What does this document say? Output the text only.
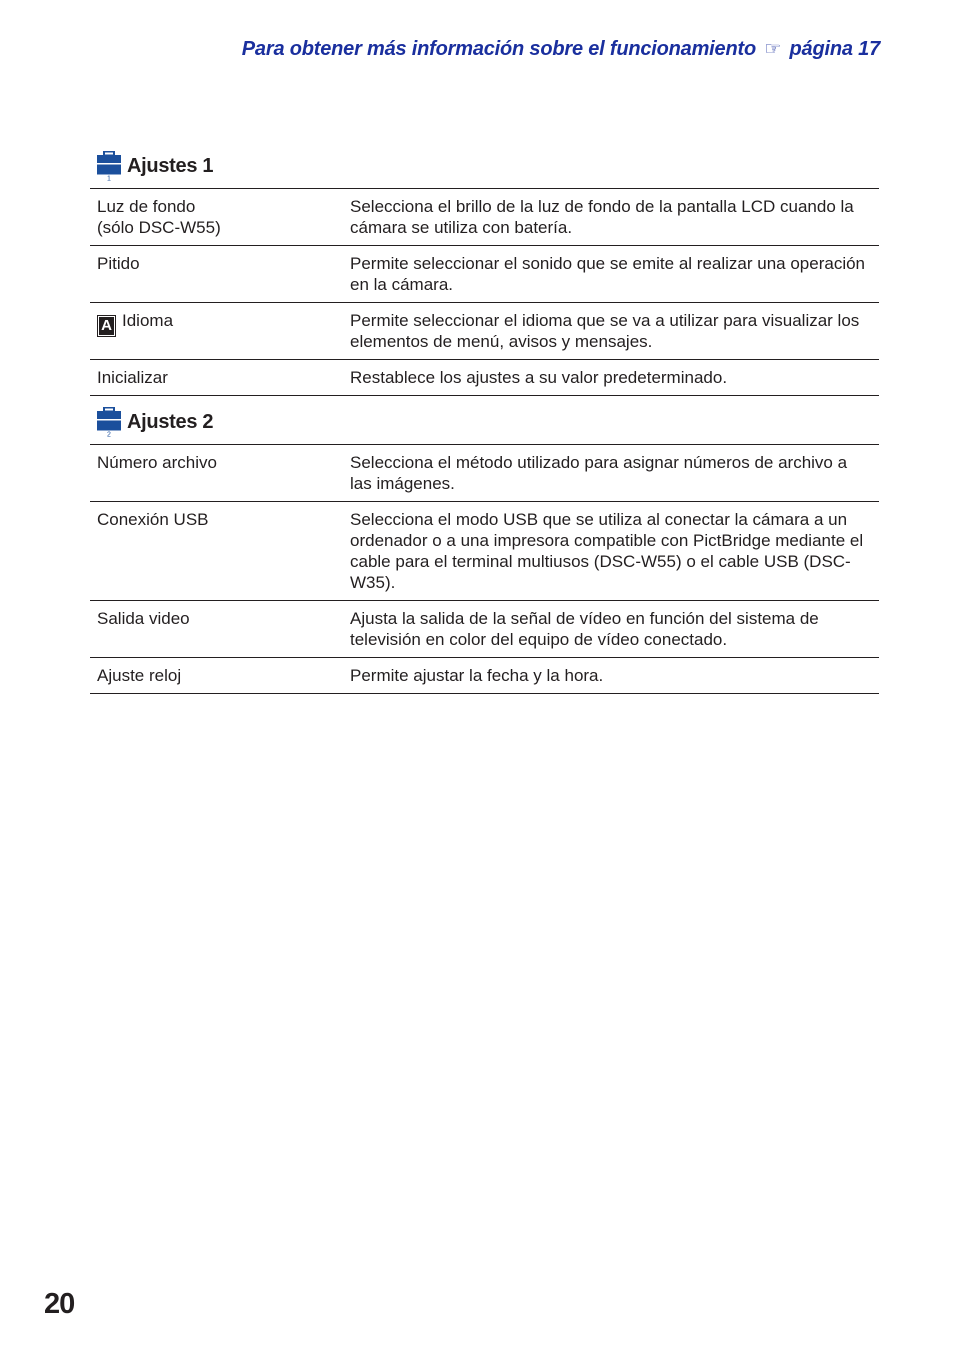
Para obtener más información sobre el funcionamiento ☞ página 17
1
Ajustes 1
Luz de fondo
(sólo DSC-W55)	Selecciona el brillo de la luz de fondo de la pantalla LCD cuando la cámara se utiliza con batería.
Pitido	Permite seleccionar el sonido que se emite al realizar una operación en la cámara.
A Idioma	Permite seleccionar el idioma que se va a utilizar para visualizar los elementos de menú, avisos y mensajes.
Inicializar	Restablece los ajustes a su valor predeterminado.
2
Ajustes 2
Número archivo	Selecciona el método utilizado para asignar números de archivo a las imágenes.
Conexión USB	Selecciona el modo USB que se utiliza al conectar la cámara a un ordenador o a una impresora compatible con PictBridge mediante el cable para el terminal multiusos (DSC-W55) o el cable USB (DSC-W35).
Salida video	Ajusta la salida de la señal de vídeo en función del sistema de televisión en color del equipo de vídeo conectado.
Ajuste reloj	Permite ajustar la fecha y la hora.
20
